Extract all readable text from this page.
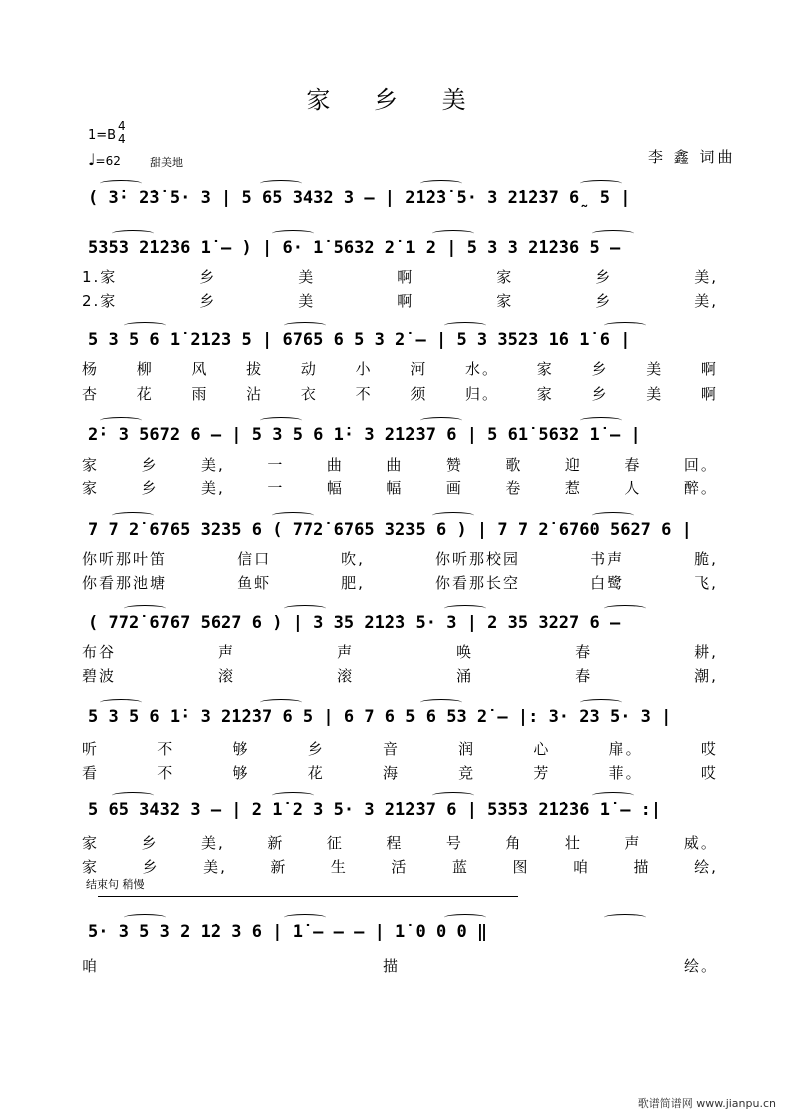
家 乡 美
1=B
4
4
♩=62	甜美地	李 鑫 词曲
( 3̇· 2̇3̇ 5· 3 | 5 65 3432 3 – | 2̇1̇2̇3̇ 5· 3 2̇1̇2̇37 6̰ 5 |
5353 2̇1̇2̇36 1̇ – ) | 6· 1̇ 5632 2̇ 1 2 | 5 3 3 2̇1̇2̇36 5 –
5 3 5 6 1̇ 2123 5 | 6765 6 5 3 2̇ – | 5 3 3523 1̇6 1̇ 6 |
2̇· 3 5672 6 – | 5 3 5 6 1̇· 3 2̇1̇2̇37 6 | 5 61̇ 5632 1̇ – |
7 7 2̇ 6765 3235 6 ( 772̇ 6765 3235 6 ) | 7 7 2̇ 6760 5627 6 |
( 772̇ 6767 5627 6 ) | 3 35 2̇1̇2̇3 5· 3 | 2 35 3227 6 –
5 3 5 6 1̇· 3 2̇1̇2̇37 6 5 | 6 7 6 5 6 53 2̇ – |: 3· 23 5· 3 |
5 65 3432 3 – | 2 1̇ 2 3 5· 3 2̇1̇2̇37 6 | 5353 2̇1̇2̇36 1̇ – :|
5· 3 5 3 2 1̇2 3 6 | 1̇ – – – | 1̇ 0 0 0 ‖
1.家	乡	美	啊	家	乡	美,
2.家	乡	美	啊	家	乡	美,
杨	柳	风	拔	动	小	河	水。	家	乡	美	啊
杏	花	雨	沾	衣	不	须	归。	家	乡	美	啊
家	乡	美,	一	曲	曲	赞	歌	迎	春	回。
家	乡	美,	一	幅	幅	画	卷	惹	人	醉。
你听那叶笛	信口	吹,	你听那校园	书声	脆,
你看那池塘	鱼虾	肥,	你看那长空	白鹭	飞,
布谷	声	声	唤	春	耕,
碧波	滚	滚	涌	春	潮,
听	不	够	乡	音	润	心	扉。	哎
看	不	够	花	海	竞	芳	菲。	哎
家	乡	美,	新	征	程	号	角	壮	声	威。
家	乡	美,	新	生	活	蓝	图	咱	描	绘,
咱	描	绘。
结束句 稍慢
歌谱简谱网 www.jianpu.cn
